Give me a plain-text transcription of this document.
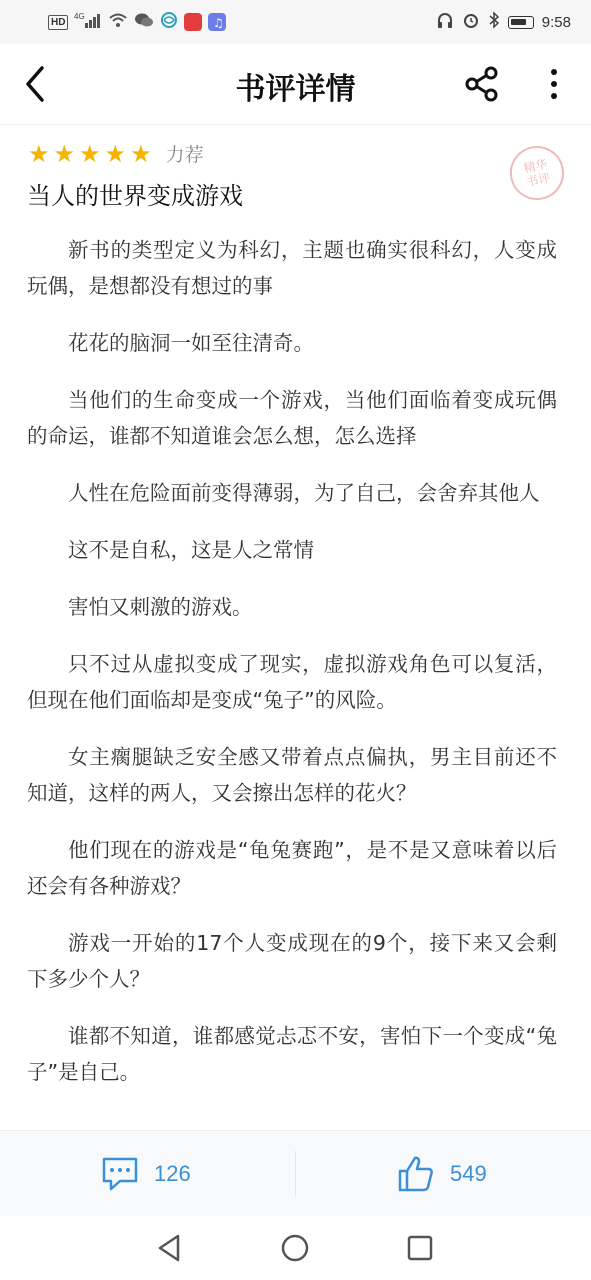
HD	4G	♫	9:58
书评详情
★ ★ ★ ★ ★ 力荐
当人的世界变成游戏
精华书评

新书的类型定义为科幻，主题也确实很科幻，人变成玩偶，是想都没有想过的事

花花的脑洞一如至往清奇。

当他们的生命变成一个游戏，当他们面临着变成玩偶的命运，谁都不知道谁会怎么想，怎么选择

人性在危险面前变得薄弱，为了自己，会舍弃其他人

这不是自私，这是人之常情

害怕又刺激的游戏。

只不过从虚拟变成了现实，虚拟游戏角色可以复活，但现在他们面临却是变成“兔子”的风险。

女主瘸腿缺乏安全感又带着点点偏执，男主目前还不知道，这样的两人，又会擦出怎样的花火？

他们现在的游戏是“龟兔赛跑”，是不是又意味着以后还会有各种游戏？

游戏一开始的17个人变成现在的9个，接下来又会剩下多少个人？

谁都不知道，谁都感觉忐忑不安，害怕下一个变成“兔子”是自己。

126	549
